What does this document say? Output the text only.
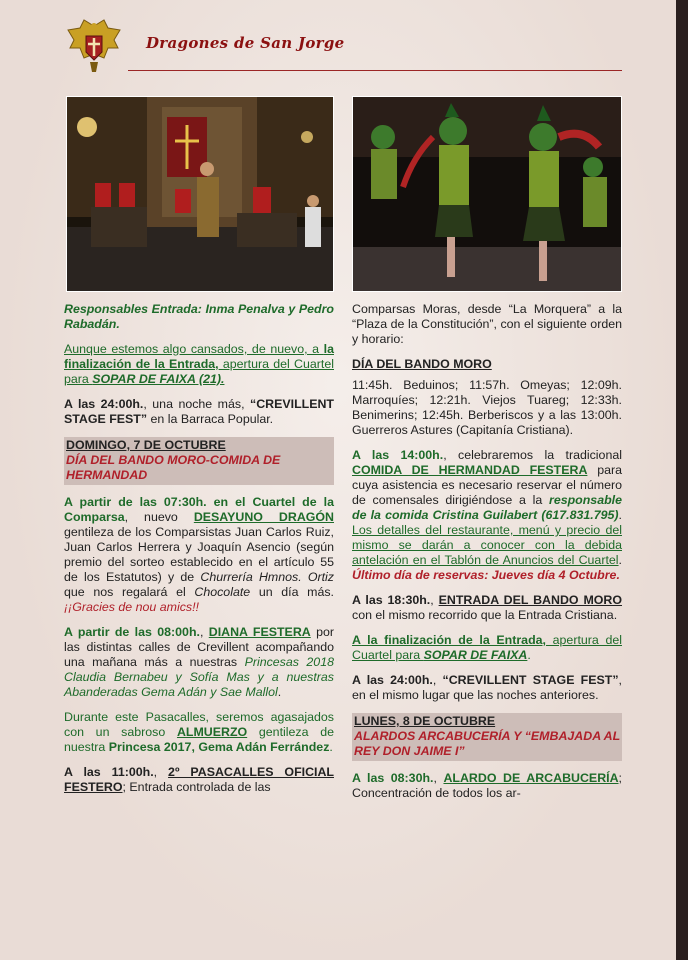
Dragones de San Jorge

Responsables Entrada: Inma Penalva y Pedro Rabadán.

Aunque estemos algo cansados, de nuevo, a la finalización de la Entrada, apertura del Cuartel para SOPAR DE FAIXA (21).

A las 24:00h., una noche más, “CREVILLENT STAGE FEST” en la Barraca Popular.

DOMINGO, 7 DE OCTUBRE
DÍA DEL BANDO MORO-COMIDA DE HERMANDAD

A partir de las 07:30h. en el Cuartel de la Comparsa, nuevo DESAYUNO DRAGÓN gentileza de los Comparsistas Juan Carlos Ruiz, Juan Carlos Herrera y Joaquín Asencio (según premio del sorteo establecido en el artículo 55 de los Estatutos) y de Churrería Hmnos. Ortiz que nos regalará el Chocolate un día más. ¡¡Gracies de nou amics!!

A partir de las 08:00h., DIANA FESTERA por las distintas calles de Crevillent acompañando una mañana más a nuestras Princesas 2018 Claudia Bernabeu y Sofía Mas y a nuestras Abanderadas Gema Adán y Sae Mallol.

Durante este Pasacalles, seremos agasajados con un sabroso ALMUERZO gentileza de nuestra Princesa 2017, Gema Adán Ferrández.

A las 11:00h., 2º PASACALLES OFICIAL FESTERO; Entrada controlada de las

Comparsas Moras, desde “La Morquera” a la “Plaza de la Constitución”, con el siguiente orden y horario:

DÍA DEL BANDO MORO

11:45h. Beduinos; 11:57h. Omeyas; 12:09h. Marroquíes; 12:21h. Viejos Tuareg; 12:33h. Benimerins; 12:45h. Berberiscos y a las 13:00h. Guerreros Astures (Capitanía Cristiana).

A las 14:00h., celebraremos la tradicional COMIDA DE HERMANDAD FESTERA para cuya asistencia es necesario reservar el número de comensales dirigiéndose a la responsable de la comida Cristina Guilabert (617.831.795). Los detalles del restaurante, menú y precio del mismo se darán a conocer con la debida antelación en el Tablón de Anuncios del Cuartel. Último día de reservas: Jueves día 4 Octubre.

A las 18:30h., ENTRADA DEL BANDO MORO con el mismo recorrido que la Entrada Cristiana.

A la finalización de la Entrada, apertura del Cuartel para SOPAR DE FAIXA.

A las 24:00h., “CREVILLENT STAGE FEST”, en el mismo lugar que las noches anteriores.

LUNES, 8 DE OCTUBRE
ALARDOS ARCABUCERÍA Y “EMBAJADA AL REY DON JAIME I”

A las 08:30h., ALARDO DE ARCABUCERÍA; Concentración de todos los ar-
